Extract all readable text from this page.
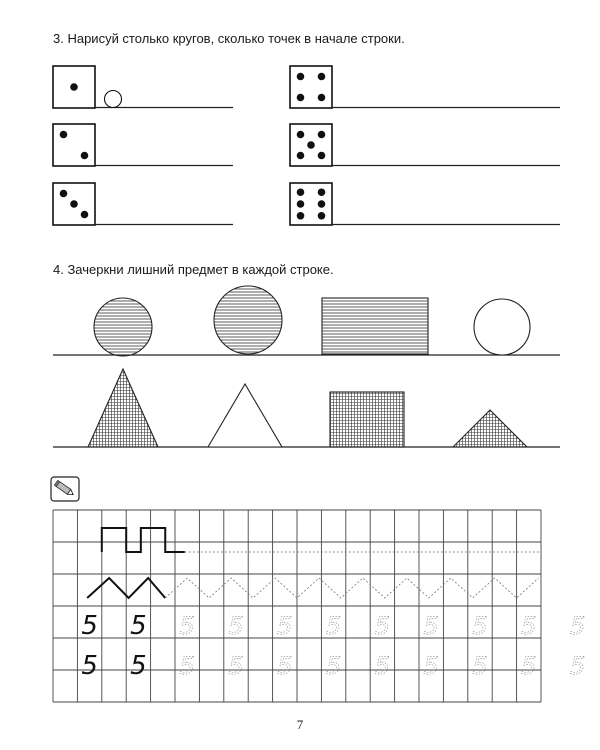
5 5 5 5 5 5 5 5 5 5 5
5 5 5 5 5 5 5 5 5 5 5
3. Нарисуй столько кругов, сколько точек в начале строки.
4. Зачеркни лишний предмет в каждой строке.
7
